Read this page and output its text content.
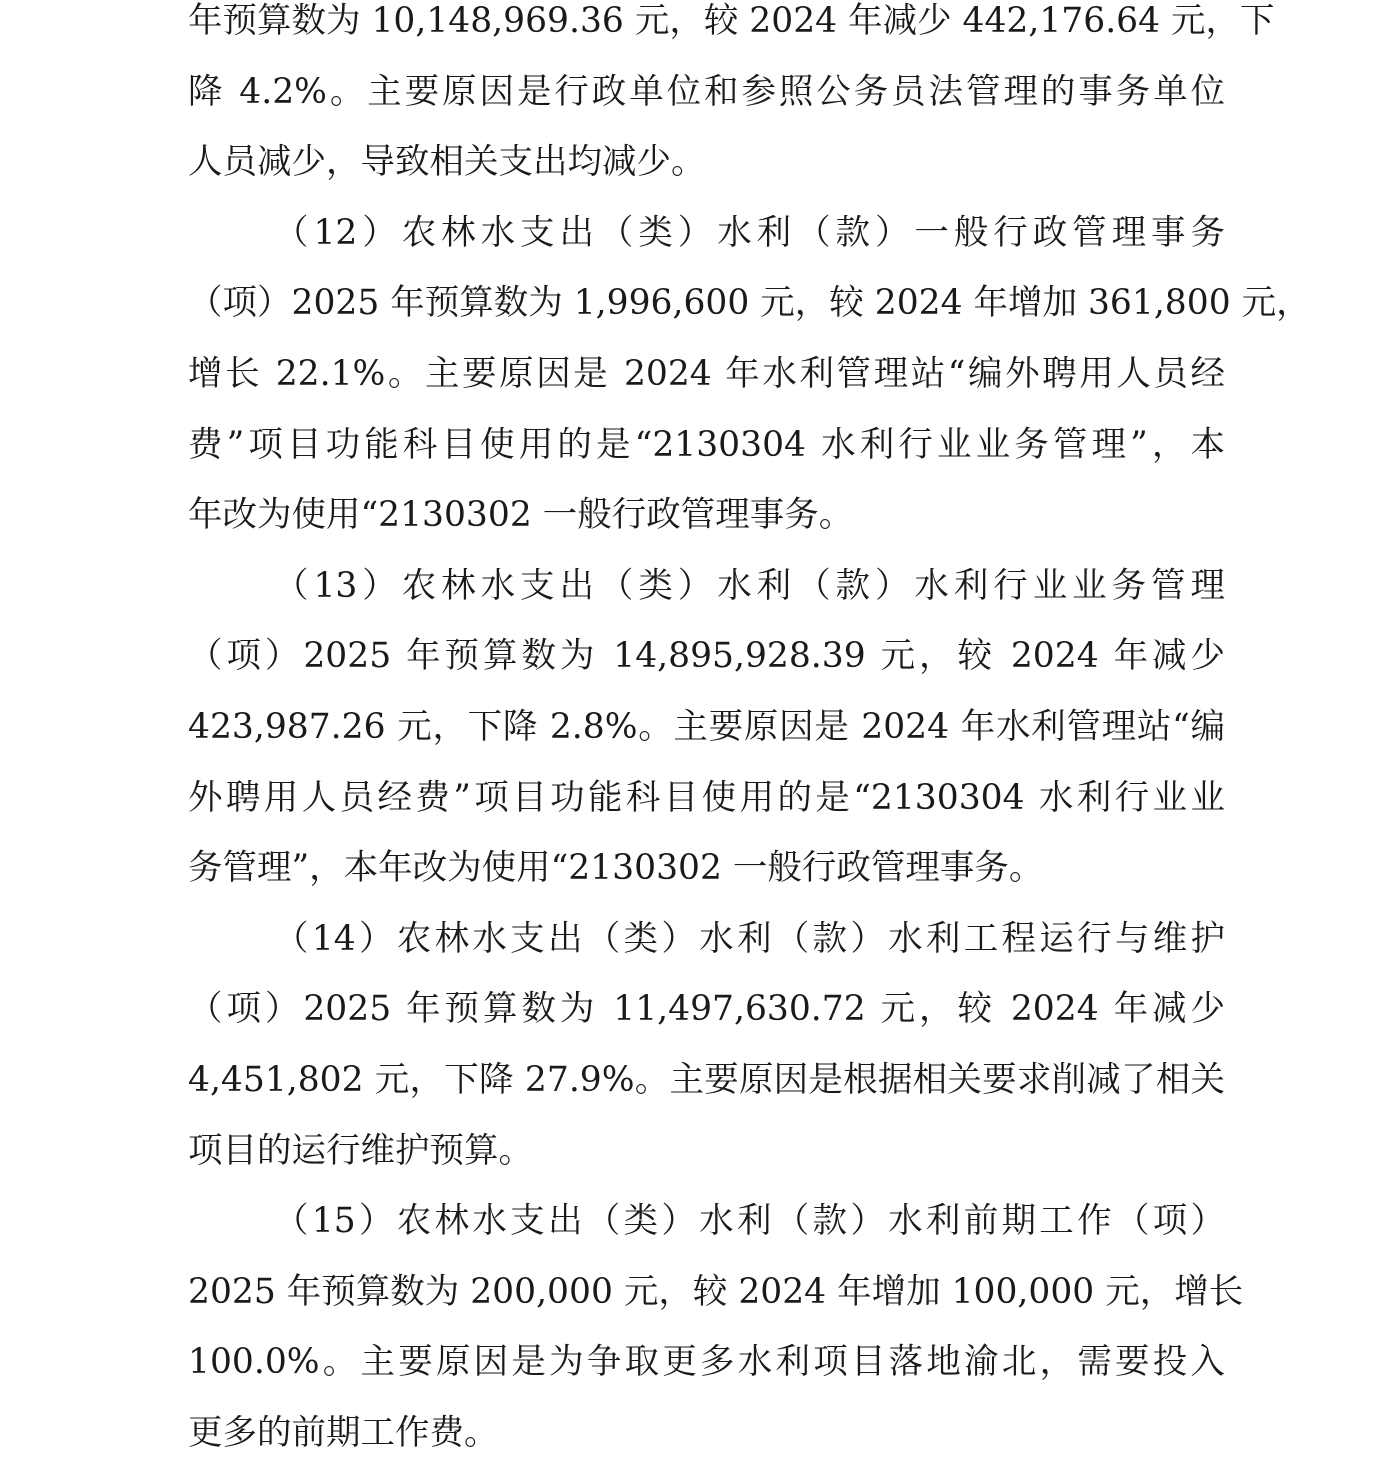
年预算数为 10,148,969.36 元，较 2024 年减少 442,176.64 元，下
降 4.2%。主要原因是行政单位和参照公务员法管理的事务单位
人员减少，导致相关支出均减少。
（12）农林水支出（类）水利（款）一般行政管理事务
（项）2025 年预算数为 1,996,600 元，较 2024 年增加 361,800 元，
增长 22.1%。主要原因是 2024 年水利管理站“编外聘用人员经
费”项目功能科目使用的是“2130304 水利行业业务管理”，本
年改为使用“2130302 一般行政管理事务。
（13）农林水支出（类）水利（款）水利行业业务管理
（项）2025 年预算数为 14,895,928.39 元，较 2024 年减少
423,987.26 元，下降 2.8%。主要原因是 2024 年水利管理站“编
外聘用人员经费”项目功能科目使用的是“2130304 水利行业业
务管理”，本年改为使用“2130302 一般行政管理事务。
（14）农林水支出（类）水利（款）水利工程运行与维护
（项）2025 年预算数为 11,497,630.72 元，较 2024 年减少
4,451,802 元，下降 27.9%。主要原因是根据相关要求削减了相关
项目的运行维护预算。
（15）农林水支出（类）水利（款）水利前期工作（项）
2025 年预算数为 200,000 元，较 2024 年增加 100,000 元，增长
100.0%。主要原因是为争取更多水利项目落地渝北，需要投入
更多的前期工作费。
